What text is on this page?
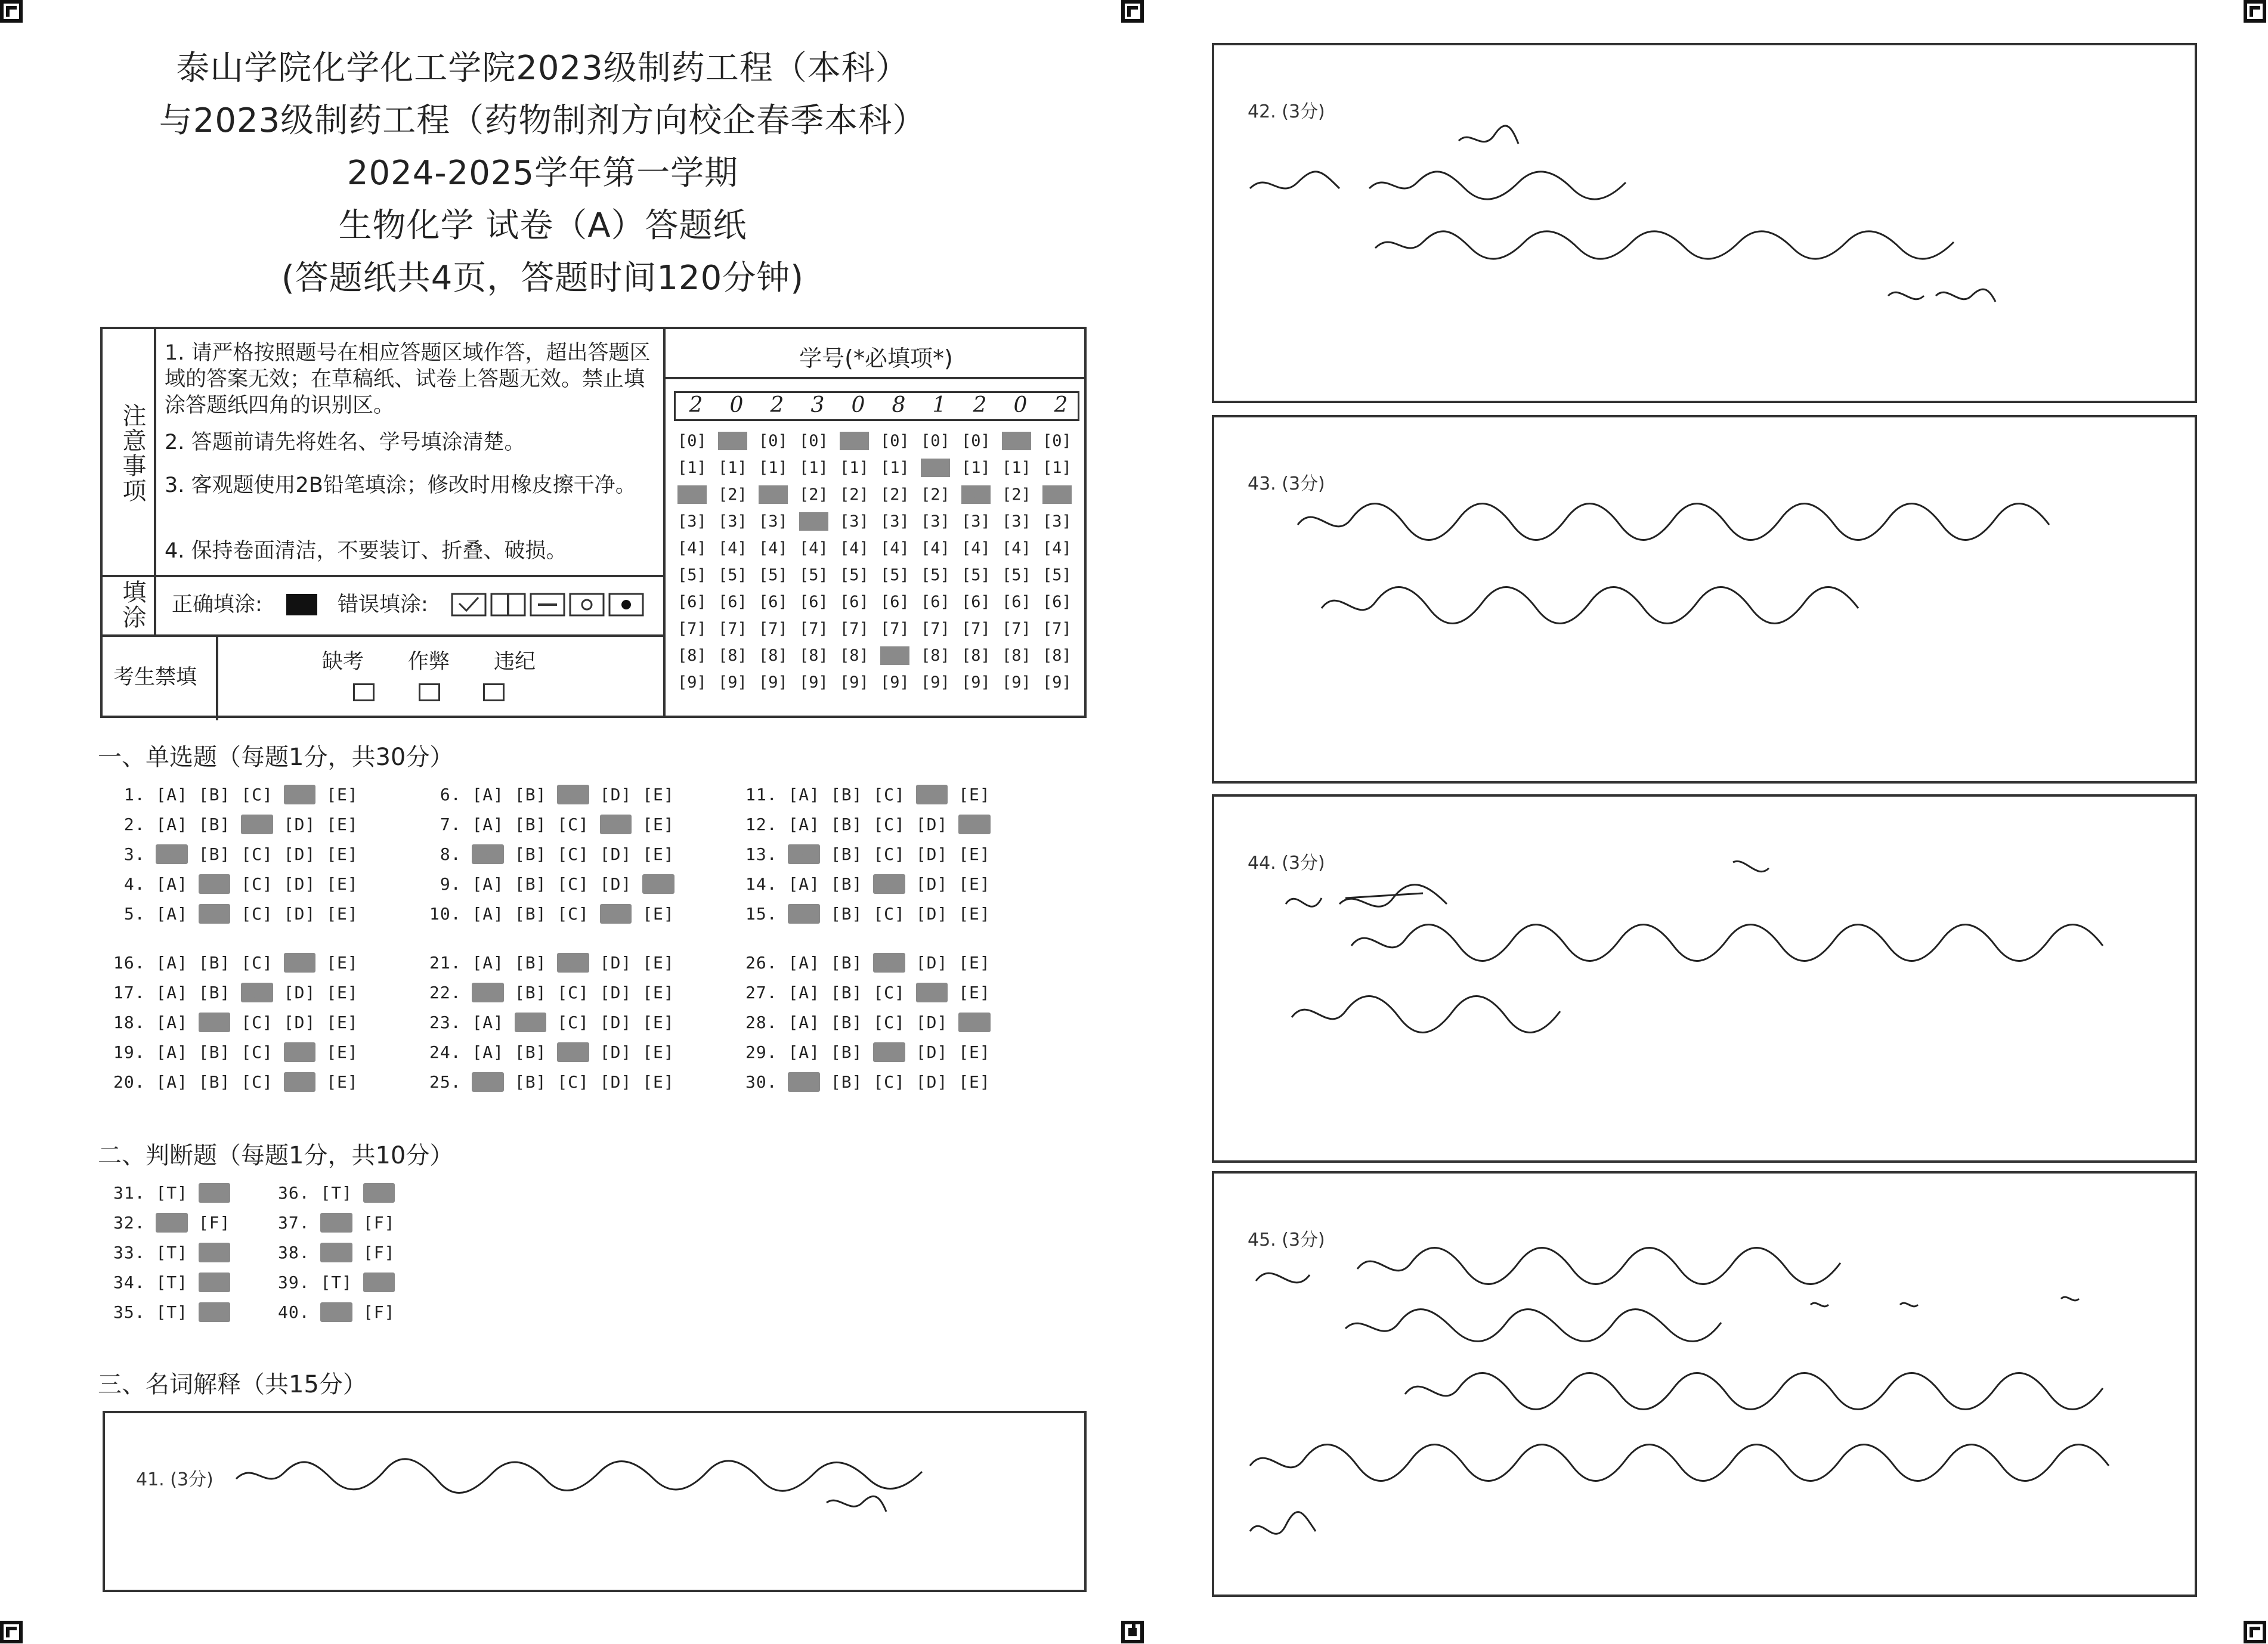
泰山学院化学化工学院2023级制药工程（本科）
与2023级制药工程（药物制剂方向校企春季本科）
2024-2025学年第一学期
生物化学 试卷（A）答题纸
(答题纸共4页，答题时间120分钟)
注意事项
1. 请严格按照题号在相应答题区域作答，超出答题区域的答案无效；在草稿纸、试卷上答题无效。禁止填涂答题纸四角的识别区。
2. 答题前请先将姓名、学号填涂清楚。
3. 客观题使用2B铅笔填涂；修改时用橡皮擦干净。
4. 保持卷面清洁，不要装订、折叠、破损。
填涂 正确填涂:	错误填涂:
考生禁填
缺考 作弊 违纪
学号(*必填项*)
2	0	2	3	0	8	1	2	0	2
[0] [0] [0] [0] [0] [0] [0] [0] [0] [0]
[1] [1] [1] [1] [1] [1] [1] [1] [1] [1]
[2] [2] [2] [2] [2] [2] [2] [2] [2] [2]
[3] [3] [3] [3] [3] [3] [3] [3] [3] [3]
[4] [4] [4] [4] [4] [4] [4] [4] [4] [4]
[5] [5] [5] [5] [5] [5] [5] [5] [5] [5]
[6] [6] [6] [6] [6] [6] [6] [6] [6] [6]
[7] [7] [7] [7] [7] [7] [7] [7] [7] [7]
[8] [8] [8] [8] [8] [8] [8] [8] [8] [8]
[9] [9] [9] [9] [9] [9] [9] [9] [9] [9]
一、单选题（每题1分，共30分）
1. [A] [B] [C] [D] [E]
2. [A] [B] [C] [D] [E]
3. [A] [B] [C] [D] [E]
4. [A] [B] [C] [D] [E]
5. [A] [B] [C] [D] [E]
6. [A] [B] [C] [D] [E]
7. [A] [B] [C] [D] [E]
8. [A] [B] [C] [D] [E]
9. [A] [B] [C] [D] [E]
10. [A] [B] [C] [D] [E]
11. [A] [B] [C] [D] [E]
12. [A] [B] [C] [D] [E]
13. [A] [B] [C] [D] [E]
14. [A] [B] [C] [D] [E]
15. [A] [B] [C] [D] [E]
16. [A] [B] [C] [D] [E]
17. [A] [B] [C] [D] [E]
18. [A] [B] [C] [D] [E]
19. [A] [B] [C] [D] [E]
20. [A] [B] [C] [D] [E]
21. [A] [B] [C] [D] [E]
22. [A] [B] [C] [D] [E]
23. [A] [B] [C] [D] [E]
24. [A] [B] [C] [D] [E]
25. [A] [B] [C] [D] [E]
26. [A] [B] [C] [D] [E]
27. [A] [B] [C] [D] [E]
28. [A] [B] [C] [D] [E]
29. [A] [B] [C] [D] [E]
30. [A] [B] [C] [D] [E]
二、判断题（每题1分，共10分）
31. [T] [F]
32. [T] [F]
33. [T] [F]
34. [T] [F]
35. [T] [F]
36. [T] [F]
37. [T] [F]
38. [T] [F]
39. [T] [F]
40. [T] [F]
三、名词解释（共15分）
41. (3分)
42. (3分)
43. (3分)
44. (3分)
45. (3分)
